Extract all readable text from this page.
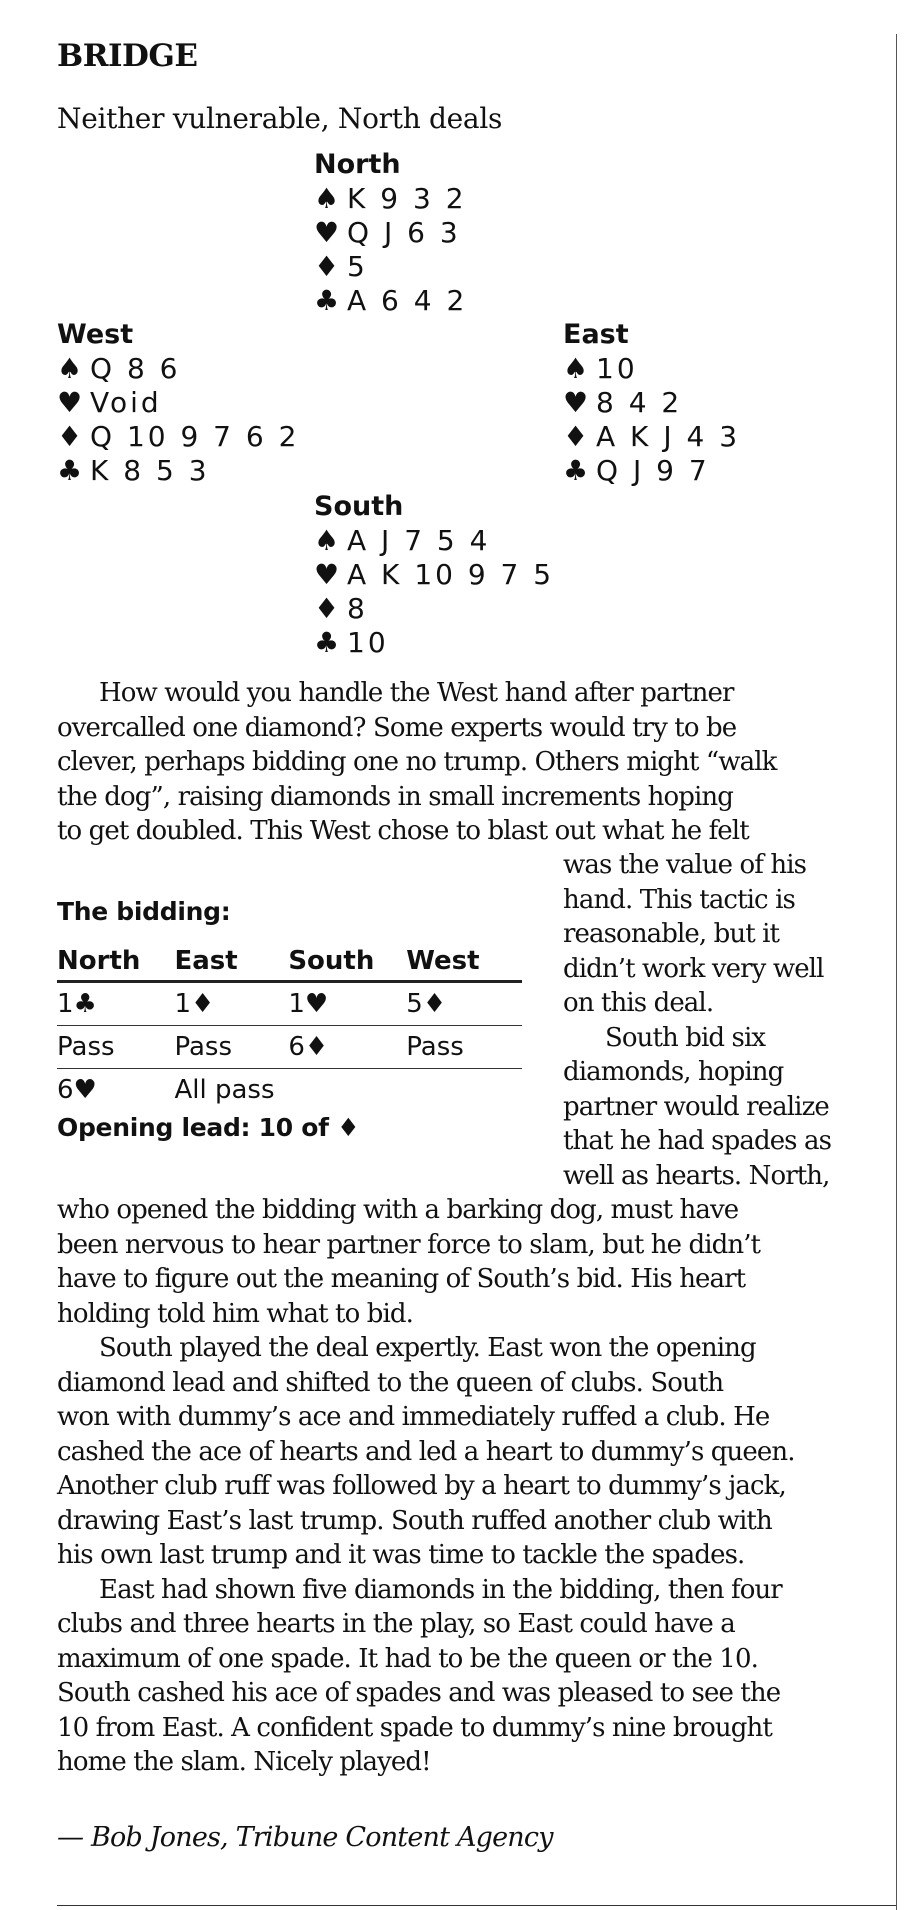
BRIDGE
Neither vulnerable, North deals
North
♠ K 9 3 2
♥ Q J 6 3
♦ 5
♣ A 6 4 2
West
♠ Q 8 6
♥ Void
♦ Q 10 9 7 6 2
♣ K 8 5 3
East
♠ 10
♥ 8 4 2
♦ A K J 4 3
♣ Q J 9 7
South
♠ A J 7 5 4
♥ A K 10 9 7 5
♦ 8
♣ 10
How would you handle the West hand after partner
overcalled one diamond? Some experts would try to be
clever, perhaps bidding one no trump. Others might “walk
the dog”, raising diamonds in small increments hoping
to get doubled. This West chose to blast out what he felt
was the value of his
hand. This tactic is
reasonable, but it
didn’t work very well
on this deal.
South bid six
diamonds, hoping
partner would realize
that he had spades as
well as hearts. North,
The bidding:
North	East	South	West
1♣	1♦	1♥	5♦
Pass	Pass	6♦	Pass
6♥	All pass		
Opening lead: 10 of ♦
who opened the bidding with a barking dog, must have
been nervous to hear partner force to slam, but he didn’t
have to figure out the meaning of South’s bid. His heart
holding told him what to bid.
South played the deal expertly. East won the opening
diamond lead and shifted to the queen of clubs. South
won with dummy’s ace and immediately ruffed a club. He
cashed the ace of hearts and led a heart to dummy’s queen.
Another club ruff was followed by a heart to dummy’s jack,
drawing East’s last trump. South ruffed another club with
his own last trump and it was time to tackle the spades.
East had shown five diamonds in the bidding, then four
clubs and three hearts in the play, so East could have a
maximum of one spade. It had to be the queen or the 10.
South cashed his ace of spades and was pleased to see the
10 from East. A confident spade to dummy’s nine brought
home the slam. Nicely played!
— Bob Jones, Tribune Content Agency
